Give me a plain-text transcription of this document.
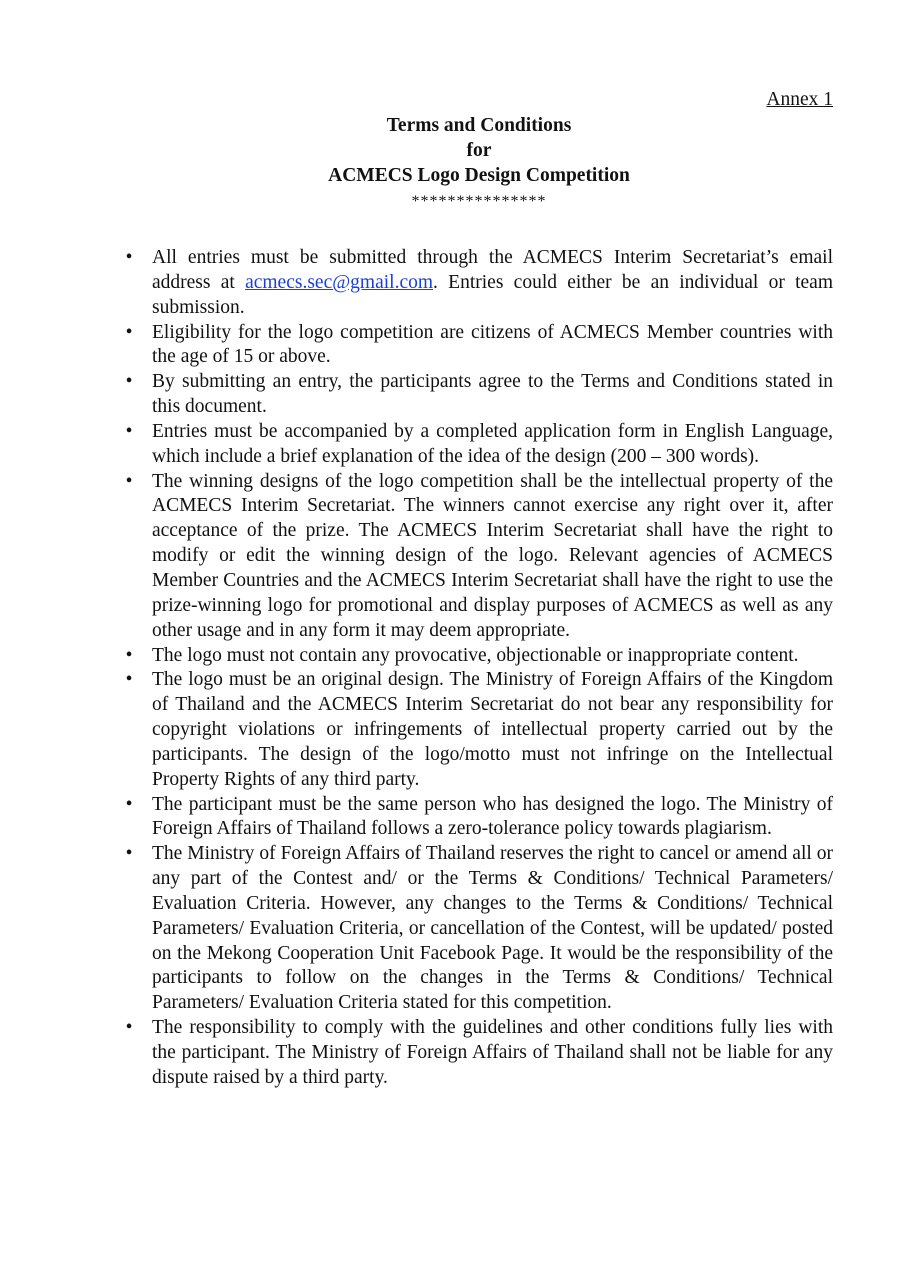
Annex 1
Terms and Conditions
for
ACMECS Logo Design Competition
***************
• All entries must be submitted through the ACMECS Interim Secretariat’s email address at acmecs.sec@gmail.com. Entries could either be an individual or team submission.
• Eligibility for the logo competition are citizens of ACMECS Member countries with the age of 15 or above.
• By submitting an entry, the participants agree to the Terms and Conditions stated in this document.
• Entries must be accompanied by a completed application form in English Language, which include a brief explanation of the idea of the design (200 – 300 words).
• The winning designs of the logo competition shall be the intellectual property of the ACMECS Interim Secretariat. The winners cannot exercise any right over it, after acceptance of the prize. The ACMECS Interim Secretariat shall have the right to modify or edit the winning design of the logo. Relevant agencies of ACMECS Member Countries and the ACMECS Interim Secretariat shall have the right to use the prize-winning logo for promotional and display purposes of ACMECS as well as any other usage and in any form it may deem appropriate.
• The logo must not contain any provocative, objectionable or inappropriate content.
• The logo must be an original design. The Ministry of Foreign Affairs of the Kingdom of Thailand and the ACMECS Interim Secretariat do not bear any responsibility for copyright violations or infringements of intellectual property carried out by the participants. The design of the logo/motto must not infringe on the Intellectual Property Rights of any third party.
• The participant must be the same person who has designed the logo. The Ministry of Foreign Affairs of Thailand follows a zero-tolerance policy towards plagiarism.
• The Ministry of Foreign Affairs of Thailand reserves the right to cancel or amend all or any part of the Contest and/ or the Terms & Conditions/ Technical Parameters/ Evaluation Criteria. However, any changes to the Terms & Conditions/ Technical Parameters/ Evaluation Criteria, or cancellation of the Contest, will be updated/ posted on the Mekong Cooperation Unit Facebook Page. It would be the responsibility of the participants to follow on the changes in the Terms & Conditions/ Technical Parameters/ Evaluation Criteria stated for this competition.
• The responsibility to comply with the guidelines and other conditions fully lies with the participant. The Ministry of Foreign Affairs of Thailand shall not be liable for any dispute raised by a third party.
